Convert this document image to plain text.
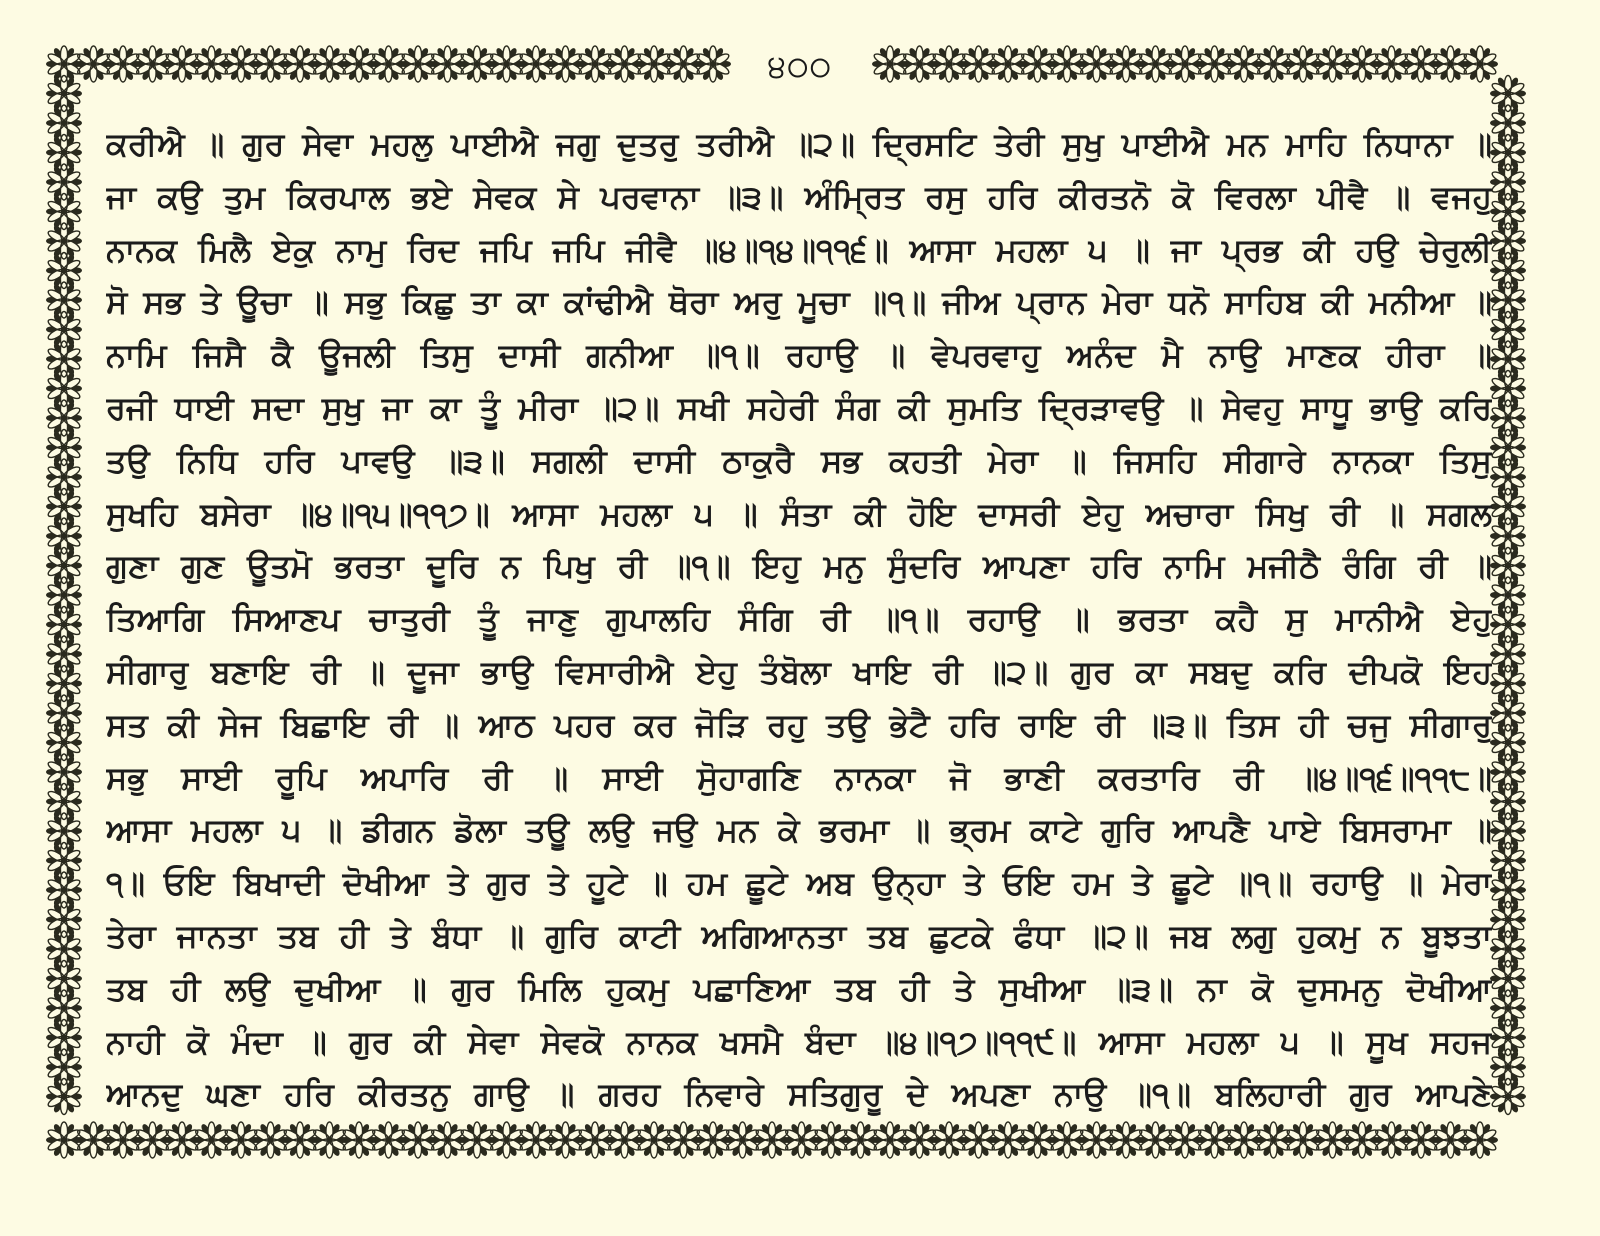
੪੦੦
ਕਰੀਐ ॥ ਗੁਰ ਸੇਵਾ ਮਹਲੁ ਪਾਈਐ ਜਗੁ ਦੁਤਰੁ ਤਰੀਐ ॥੨॥ ਦ੍ਰਿਸਟਿ ਤੇਰੀ ਸੁਖੁ ਪਾਈਐ ਮਨ ਮਾਹਿ ਨਿਧਾਨਾ ॥
ਜਾ ਕਉ ਤੁਮ ਕਿਰਪਾਲ ਭਏ ਸੇਵਕ ਸੇ ਪਰਵਾਨਾ ॥੩॥ ਅੰਮ੍ਰਿਤ ਰਸੁ ਹਰਿ ਕੀਰਤਨੋ ਕੋ ਵਿਰਲਾ ਪੀਵੈ ॥ ਵਜਹੁ
ਨਾਨਕ ਮਿਲੈ ਏਕੁ ਨਾਮੁ ਰਿਦ ਜਪਿ ਜਪਿ ਜੀਵੈ ॥੪॥੧੪॥੧੧੬॥ ਆਸਾ ਮਹਲਾ ੫ ॥ ਜਾ ਪ੍ਰਭ ਕੀ ਹਉ ਚੇਰੁਲੀ
ਸੋ ਸਭ ਤੇ ਊਚਾ ॥ ਸਭੁ ਕਿਛੁ ਤਾ ਕਾ ਕਾਂਢੀਐ ਥੋਰਾ ਅਰੁ ਮੂਚਾ ॥੧॥ ਜੀਅ ਪ੍ਰਾਨ ਮੇਰਾ ਧਨੋ ਸਾਹਿਬ ਕੀ ਮਨੀਆ ॥
ਨਾਮਿ ਜਿਸੈ ਕੈ ਊਜਲੀ ਤਿਸੁ ਦਾਸੀ ਗਨੀਆ ॥੧॥ ਰਹਾਉ ॥ ਵੇਪਰਵਾਹੁ ਅਨੰਦ ਮੈ ਨਾਉ ਮਾਣਕ ਹੀਰਾ ॥
ਰਜੀ ਧਾਈ ਸਦਾ ਸੁਖੁ ਜਾ ਕਾ ਤੂੰ ਮੀਰਾ ॥੨॥ ਸਖੀ ਸਹੇਰੀ ਸੰਗ ਕੀ ਸੁਮਤਿ ਦ੍ਰਿੜਾਵਉ ॥ ਸੇਵਹੁ ਸਾਧੂ ਭਾਉ ਕਰਿ
ਤਉ ਨਿਧਿ ਹਰਿ ਪਾਵਉ ॥੩॥ ਸਗਲੀ ਦਾਸੀ ਠਾਕੁਰੈ ਸਭ ਕਹਤੀ ਮੇਰਾ ॥ ਜਿਸਹਿ ਸੀਗਾਰੇ ਨਾਨਕਾ ਤਿਸੁ
ਸੁਖਹਿ ਬਸੇਰਾ ॥੪॥੧੫॥੧੧੭॥ ਆਸਾ ਮਹਲਾ ੫ ॥ ਸੰਤਾ ਕੀ ਹੋਇ ਦਾਸਰੀ ਏਹੁ ਅਚਾਰਾ ਸਿਖੁ ਰੀ ॥ ਸਗਲ
ਗੁਣਾ ਗੁਣ ਊਤਮੋ ਭਰਤਾ ਦੂਰਿ ਨ ਪਿਖੁ ਰੀ ॥੧॥ ਇਹੁ ਮਨੁ ਸੁੰਦਰਿ ਆਪਣਾ ਹਰਿ ਨਾਮਿ ਮਜੀਠੈ ਰੰਗਿ ਰੀ ॥
ਤਿਆਗਿ ਸਿਆਣਪ ਚਾਤੁਰੀ ਤੂੰ ਜਾਣੁ ਗੁਪਾਲਹਿ ਸੰਗਿ ਰੀ ॥੧॥ ਰਹਾਉ ॥ ਭਰਤਾ ਕਹੈ ਸੁ ਮਾਨੀਐ ਏਹੁ
ਸੀਗਾਰੁ ਬਣਾਇ ਰੀ ॥ ਦੂਜਾ ਭਾਉ ਵਿਸਾਰੀਐ ਏਹੁ ਤੰਬੋਲਾ ਖਾਇ ਰੀ ॥੨॥ ਗੁਰ ਕਾ ਸਬਦੁ ਕਰਿ ਦੀਪਕੋ ਇਹ
ਸਤ ਕੀ ਸੇਜ ਬਿਛਾਇ ਰੀ ॥ ਆਠ ਪਹਰ ਕਰ ਜੋੜਿ ਰਹੁ ਤਉ ਭੇਟੈ ਹਰਿ ਰਾਇ ਰੀ ॥੩॥ ਤਿਸ ਹੀ ਚਜੁ ਸੀਗਾਰੁ
ਸਭੁ ਸਾਈ ਰੂਪਿ ਅਪਾਰਿ ਰੀ ॥ ਸਾਈ ਸੋੁਹਾਗਣਿ ਨਾਨਕਾ ਜੋ ਭਾਣੀ ਕਰਤਾਰਿ ਰੀ ॥੪॥੧੬॥੧੧੮॥
ਆਸਾ ਮਹਲਾ ੫ ॥ ਡੀਗਨ ਡੋਲਾ ਤਊ ਲਉ ਜਉ ਮਨ ਕੇ ਭਰਮਾ ॥ ਭ੍ਰਮ ਕਾਟੇ ਗੁਰਿ ਆਪਣੈ ਪਾਏ ਬਿਸਰਾਮਾ ॥
੧॥ ਓਇ ਬਿਖਾਦੀ ਦੋਖੀਆ ਤੇ ਗੁਰ ਤੇ ਹੂਟੇ ॥ ਹਮ ਛੂਟੇ ਅਬ ਉਨ੍ਹਾ ਤੇ ਓਇ ਹਮ ਤੇ ਛੂਟੇ ॥੧॥ ਰਹਾਉ ॥ ਮੇਰਾ
ਤੇਰਾ ਜਾਨਤਾ ਤਬ ਹੀ ਤੇ ਬੰਧਾ ॥ ਗੁਰਿ ਕਾਟੀ ਅਗਿਆਨਤਾ ਤਬ ਛੁਟਕੇ ਫੰਧਾ ॥੨॥ ਜਬ ਲਗੁ ਹੁਕਮੁ ਨ ਬੂਝਤਾ
ਤਬ ਹੀ ਲਉ ਦੁਖੀਆ ॥ ਗੁਰ ਮਿਲਿ ਹੁਕਮੁ ਪਛਾਣਿਆ ਤਬ ਹੀ ਤੇ ਸੁਖੀਆ ॥੩॥ ਨਾ ਕੋ ਦੁਸਮਨੁ ਦੋਖੀਆ
ਨਾਹੀ ਕੋ ਮੰਦਾ ॥ ਗੁਰ ਕੀ ਸੇਵਾ ਸੇਵਕੋ ਨਾਨਕ ਖਸਮੈ ਬੰਦਾ ॥੪॥੧੭॥੧੧੯॥ ਆਸਾ ਮਹਲਾ ੫ ॥ ਸੂਖ ਸਹਜ
ਆਨਦੁ ਘਣਾ ਹਰਿ ਕੀਰਤਨੁ ਗਾਉ ॥ ਗਰਹ ਨਿਵਾਰੇ ਸਤਿਗੁਰੂ ਦੇ ਅਪਣਾ ਨਾਉ ॥੧॥ ਬਲਿਹਾਰੀ ਗੁਰ ਆਪਣੇ
